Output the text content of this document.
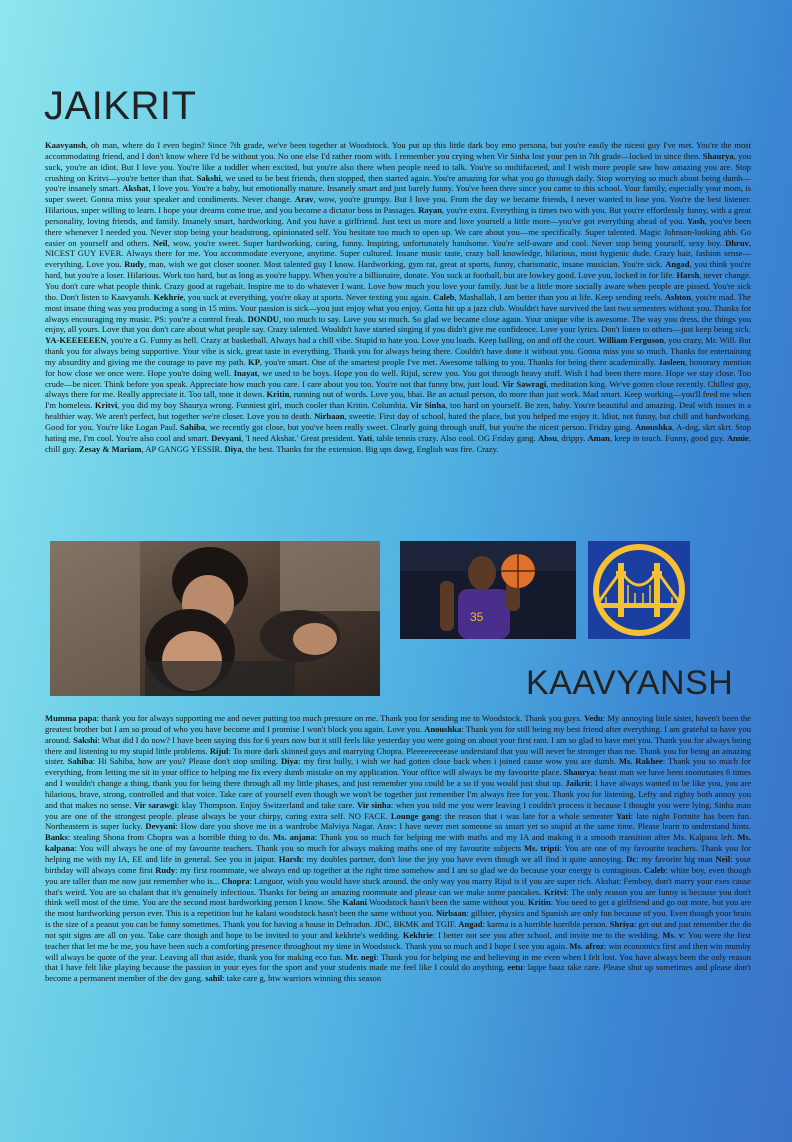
JAIKRIT

Kaavyansh, oh man, where do I even begin? Since 7th grade, we've been together at Woodstock. You put up this little dark boy emo persona, but you're easily the nicest guy I've met. You're the most accommodating friend, and I don't know where I'd be without you. No one else I'd rather room with. I remember you crying when Vir Sinha lost your pen in 7th grade—locked in since then. Shaurya, you suck, you're an idiot. But I love you. You're like a toddler when excited, but you're also there when people need to talk. You're so multifaceted, and I wish more people saw how amazing you are. Stop crushing on Kritvi—you're better than that. Sakshi, we used to be best friends, then stopped, then started again. You're amazing for what you go through daily. Stop worrying so much about being dumb—you're insanely smart. Akshat, I love you. You're a baby, but emotionally mature. Insanely smart and just barely funny. You've been there since you came to this school. Your family, especially your mom, is super sweet. Gonna miss your speaker and condiments. Never change. Arav, wow, you're grumpy. But I love you. From the day we became friends, I never wanted to lose you. You're the best listener. Hilarious, super willing to learn. I hope your dreams come true, and you become a dictator boss in Passages. Rayan, you're extra. Everything is times two with you. But you're effortlessly funny, with a great personality, loving friends, and family. Insanely smart, hardworking. And you have a girlfriend. Just text us more and love yourself a little more—you've got everything ahead of you. Yash, you've been there whenever I needed you. Never stop being your headstrong, opinionated self. You hesitate too much to open up. We care about you—me specifically. Super talented. Magic Johnson-looking ahh. Go easier on yourself and others. Neil, wow, you're sweet. Super hardworking, caring, funny. Inspiring, unfortunately handsome. You're self-aware and cool. Never stop being yourself, sexy boy. Dhruv, NICEST GUY EVER. Always there for me. You accommodate everyone, anytime. Super cultured. Insane music taste, crazy ball knowledge, hilarious, most hygienic dude. Crazy hair, fashion sense—everything. Love you. Rudy, man, wish we got closer sooner. Most talented guy I know. Hardworking, gym rat, great at sports, funny, charismatic, insane musician. You're sick. Angad, you think you're hard, but you're a loser. Hilarious. Work too hard, but as long as you're happy. When you're a billionaire, donate. You suck at football, but are lowkey good. Love you, locked in for life. Harsh, never change. You don't care what people think. Crazy good at ragebait. Inspire me to do whatever I want. Love how much you love your family. Just be a little more socially aware when people are pissed. You're sick tho. Don't listen to Kaavyansh. Kekhrie, you suck at everything, you're okay at sports. Never texting you again. Caleb, Mashallah, I am better than you at life. Keep sending reels. Ashton, you're mad. The most insane thing was you producing a song in 15 mins. Your passion is sick—you just enjoy what you enjoy. Gotta hit up a jazz club. Wouldn't have survived the last two semesters without you. Thanks for always encouraging my music. PS: you're a control freak. DONDU, too much to say. Love you so much. So glad we became close again. Your unique vibe is awesome. The way you dress, the things you enjoy, all yours. Love that you don't care about what people say. Crazy talented. Wouldn't have started singing if you didn't give me confidence. Love your lyrics. Don't listen to others—just keep being sick. YA-KEEEEEEN, you're a G. Funny as hell. Crazy at basketball. Always had a chill vibe. Stupid to hate you. Love you loads. Keep balling, on and off the court. William Ferguson, you crazy, Mr. Will. But thank you for always being supportive. Your vibe is sick, great taste in everything. Thank you for always being there. Couldn't have done it without you. Gonna miss you so much. Thanks for entertaining my absurdity and giving me the courage to pave my path. KP, you're smart. One of the smartest people I've met. Awesome talking to you. Thanks for being there academically. Jasleen, honorary mention for how close we once were. Hope you're doing well. Inayat, we used to be boys. Hope you do well. Rijul, screw you. You got through heavy stuff. Wish I had been there more. Hope we stay close. Too crude—be nicer. Think before you speak. Appreciate how much you care. I care about you too. You're not that funny btw, just loud. Vir Sawragi, meditation king. We've gotten close recently. Chillest guy, always there for me. Really appreciate it. Too tall, tone it down. Kritin, running out of words. Love you, bhai. Be an actual person, do more than just work. Mad smart. Keep working—you'll feed me when I'm homeless. Kritvi, you did my boy Shaurya wrong. Funniest girl, much cooler than Kritin. Columbia. Vir Sinha, too hard on yourself. Be zen, baby. You're beautiful and amazing. Deal with issues in a healthier way. We aren't perfect, but together we're closer. Love you to death. Nirbaan, sweetie. First day of school, hated the place, but you helped me enjoy it. Idiot, not funny, but chill and hardworking. Good for you. You're like Logan Paul. Sahiba, we recently got close, but you've been really sweet. Clearly going through stuff, but you're the nicest person. Friday gang. Anoushka, A-dog, skrt skrt. Stop hating me, I'm cool. You're also cool and smart. Devyani, 'I need Akshat.' Great president. Yati, table tennis crazy. Also cool. OG Friday gang. Ahsu, drippy. Aman, keep in touch. Funny, good guy. Annie, chill guy. Zesay & Mariam, AP GANGG YESSIR. Diya, the best. Thanks for the extension. Big ups dawg, English was fire. Crazy.

35
KAAVYANSH

Mumma papa: thank you for always supporting me and never putting too much pressure on me. Thank you for sending me to Woodstock. Thank you guys. Vedu: My annoying little sister, haven't been the greatest brother but I am so proud of who you have become and I promise I won't block you again. Love you. Anoushka: Thank you for still being my best friend after everything. I am grateful to have you around. Sakshi: What did I do now? I have been saying this for 6 years now but it still feels like yesterday you were going on about your first rant. I am so glad to have met you. Thank you for always being there and listening to my stupid little problems. Rijul: To more dark skinned guys and marrying Chopra. Pleeeeeeeeease understand that you will never be stronger than me. Thank you for being an amazing sister. Sahiba: Hi Sahiba, how are you? Please don't stop smiling. Diya: my first bully, i wish we had gotten close back when i joined cause wow you are dumb. Ms. Rakhee: Thank you so much for everything, from letting me sit in your office to helping me fix every dumb mistake on my application. Your office will always be my favourite place. Shaurya: beast man we have been roommates 6 times and I wouldn't change a thing, thank you for being there through all my little phases, and just remember you could be a so if you would just shut up. Jaikrit: I have always wanted to be like you, you are hilarious, brave, strong, controlled and that voice. Take care of yourself even though we won't be together just remember I'm always free for you. Thank you for listening. Lefty and righty both annoy you and that makes no sense. Vir sarawgi: klay Thompson. Enjoy Switzerland and take care. Vir sinha: when you told me you were leaving I couldn't process it because I thought you were lying. Sinha man you are one of the strongest people. please always be your chirpy, caring extra self. NO FACE. Lounge gang: the reason that i was late for a whole semester Yati: late night Fortnite has been fun. Northeastern is super lucky. Devyani: How dare you shove me in a wardrobe Malviya Nagar. Arav: I have never met someone so smart yet so stupid at the same time. Please learn to understand hints. Banks: stealing Shona from Chopra was a horrible thing to do. Ms. anjana: Thank you so much for helping me with maths and my IA and making it a smooth transition after Ms. Kalpana left. Ms. kalpana: You will always be one of my favourite teachers. Thank you so much for always making maths one of my favourite subjects Ms. tripti: You are one of my favourite teachers. Thank you for helping me with my IA, EE and life in general. See you in jaipur. Harsh: my doubles partner, don't lose the joy you have even though we all find it quite annoying. Dc: my favorite big man Neil: your birthday will always come first Rudy: my first roommate, we always end up together at the right time somehow and I am so glad we do because your energy is contagious. Caleb: white boy, even though you are taller than me now just remember who is... Chopra: Languor, wish you would have stuck around. the only way you marry Rijul is if you are super rich. Akshat: Femboy, don't marry your exes cause that's weird. You are so chalant that it's genuinely infectious. Thanks for being an amazing roommate and please can we make some pancakes. Kritvi: The only reason you are funny is because you don't think well most of the time. You are the second most hardworking person I know. She Kalani Woodstock hasn't been the same without you. Kritin: You need to get a girlfriend and go out more, but you are the most hardworking person ever. This is a repetition but he kalani woodstock hasn't been the same without you. Nirbaan: gillster, physics and Spanish are only fun because of you. Even though your brain is the size of a peanut you can be funny sometimes. Thank you for having a house in Dehradun. JDC, BKMK and TGIF. Angad: karma is a horrible horrible person. Shriya: get out and just remember the do not spit signs are all on you. Take care though and hope to be invited to your and kekhrie's wedding. Kekhrie: I better not see you after school, and invite me to the wedding. Ms. v: You were the first teacher that let me be me, you have been such a comforting presence throughout my time in Woodstock. Thank you so much and I hope I see you again. Ms. afroz: win economics first and then win mumby will always be quote of the year. Leaving all that aside, thank you for making eco fun. Mr. negi: Thank you for helping me and believing in me even when I felt lost. You have always been the only reason that I have felt like playing because the passion in your eyes for the sport and your students made me feel like I could do anything. eetu: lappe baaz take care. Please shut up sometimes and please don't become a permanent member of the dev gang. sahil: take care g, btw warriors winning this season
